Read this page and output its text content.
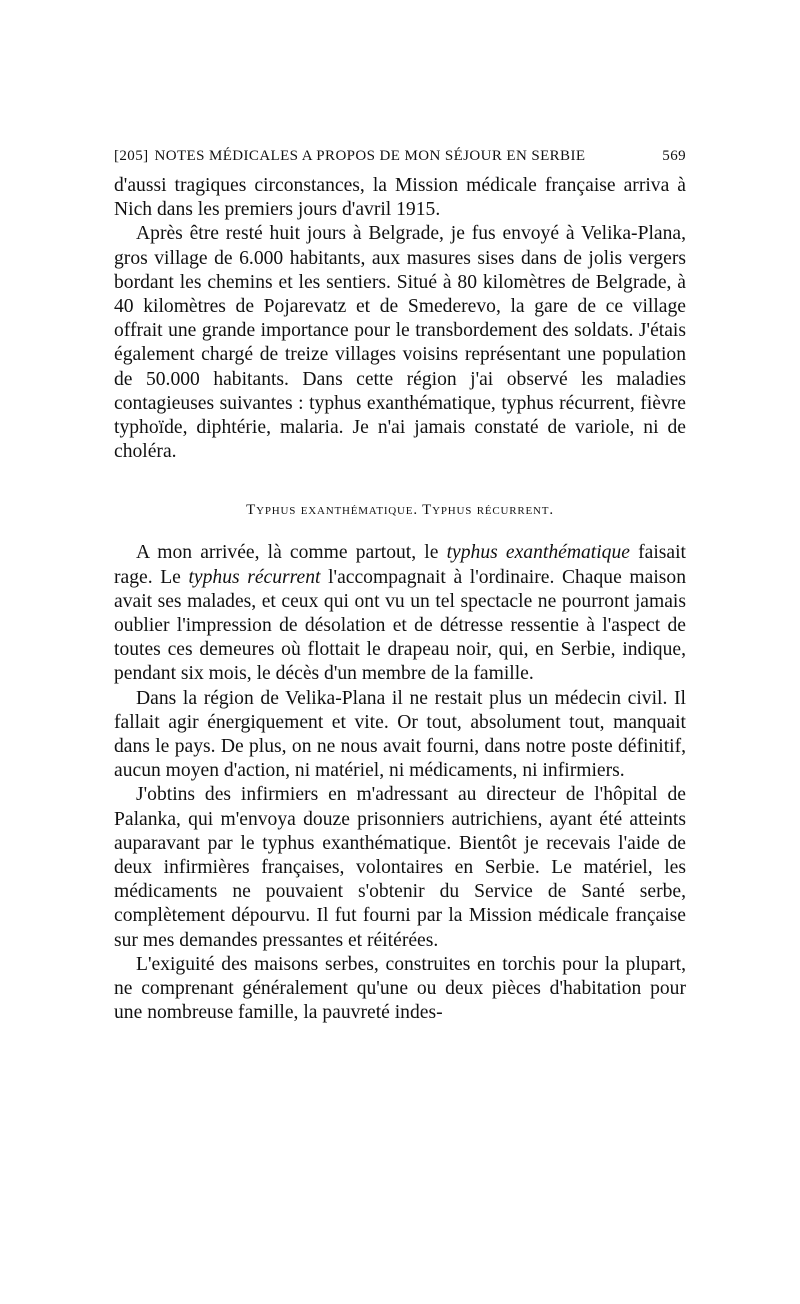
[205] NOTES MÉDICALES A PROPOS DE MON SÉJOUR EN SERBIE	569

d'aussi tragiques circonstances, la Mission médicale française arriva à Nich dans les premiers jours d'avril 1915.

Après être resté huit jours à Belgrade, je fus envoyé à Velika-Plana, gros village de 6.000 habitants, aux masures sises dans de jolis vergers bordant les chemins et les sentiers. Situé à 80 kilomètres de Belgrade, à 40 kilomètres de Pojarevatz et de Smederevo, la gare de ce village offrait une grande importance pour le transbordement des soldats. J'étais également chargé de treize villages voisins représentant une population de 50.000 habitants. Dans cette région j'ai observé les maladies contagieuses suivantes : typhus exanthématique, typhus récurrent, fièvre typhoïde, diphtérie, malaria. Je n'ai jamais constaté de variole, ni de choléra.

Typhus exanthématique. Typhus récurrent.

A mon arrivée, là comme partout, le typhus exanthématique faisait rage. Le typhus récurrent l'accompagnait à l'ordinaire. Chaque maison avait ses malades, et ceux qui ont vu un tel spectacle ne pourront jamais oublier l'impression de désolation et de détresse ressentie à l'aspect de toutes ces demeures où flottait le drapeau noir, qui, en Serbie, indique, pendant six mois, le décès d'un membre de la famille.

Dans la région de Velika-Plana il ne restait plus un médecin civil. Il fallait agir énergiquement et vite. Or tout, absolument tout, manquait dans le pays. De plus, on ne nous avait fourni, dans notre poste définitif, aucun moyen d'action, ni matériel, ni médicaments, ni infirmiers.

J'obtins des infirmiers en m'adressant au directeur de l'hôpital de Palanka, qui m'envoya douze prisonniers autrichiens, ayant été atteints auparavant par le typhus exanthématique. Bientôt je recevais l'aide de deux infirmières françaises, volontaires en Serbie. Le matériel, les médicaments ne pouvaient s'obtenir du Service de Santé serbe, complètement dépourvu. Il fut fourni par la Mission médicale française sur mes demandes pressantes et réitérées.

L'exiguité des maisons serbes, construites en torchis pour la plupart, ne comprenant généralement qu'une ou deux pièces d'habitation pour une nombreuse famille, la pauvreté indes-
